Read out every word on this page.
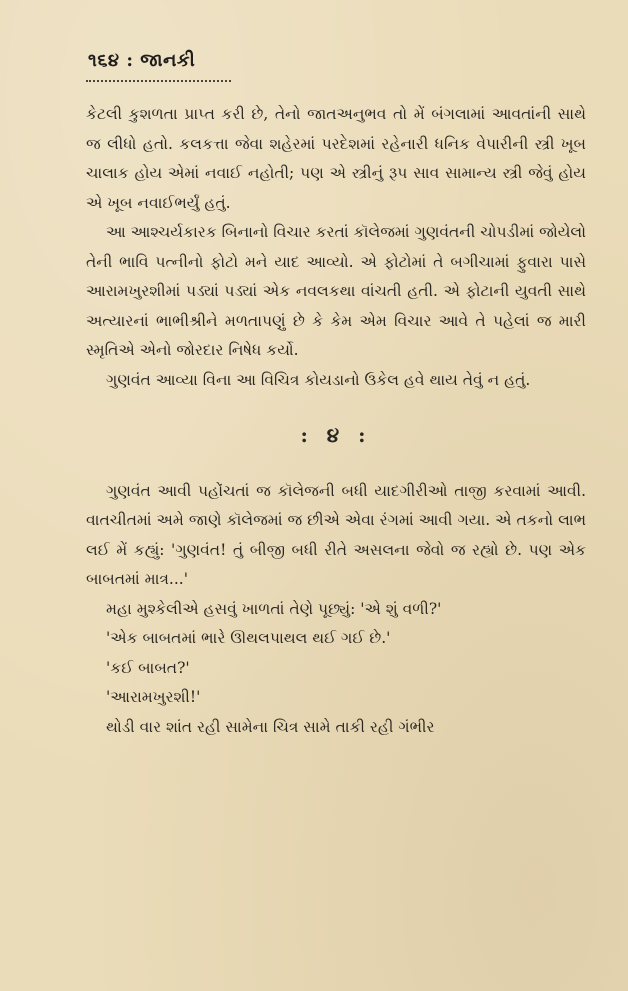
૧૬૪ : જાનકી

કેટલી કુશળતા પ્રાપ્ત કરી છે, તેનો જાતઅનુભવ તો મેં બંગલામાં આવતાંની સાથે જ લીધો હતો. કલકત્તા જેવા શહેરમાં પરદેશમાં રહેનારી ધનિક વેપારીની સ્ત્રી ખૂબ ચાલાક હોય એમાં નવાઈ નહોતી; પણ એ સ્ત્રીનું રૂપ સાવ સામાન્ય સ્ત્રી જેવું હોય એ ખૂબ નવાઈભર્યું હતું.

આ આશ્ચર્યકારક બિનાનો વિચાર કરતાં કૉલેજમાં ગુણવંતની ચોપડીમાં જોયેલો તેની ભાવિ પત્નીનો ફોટો મને યાદ આવ્યો. એ ફોટોમાં તે બગીચામાં ફુવારા પાસે આરામખુરશીમાં પડ્યાં પડ્યાં એક નવલકથા વાંચતી હતી. એ ફોટાની યુવતી સાથે અત્યારનાં ભાભીશ્રીને મળતાપણું છે કે કેમ એમ વિચાર આવે તે પહેલાં જ મારી સ્મૃતિએ એનો જોરદાર નિષેધ કર્યો.

ગુણવંત આવ્યા વિના આ વિચિત્ર કોયડાનો ઉકેલ હવે થાય તેવું ન હતું.

: ૪ :

ગુણવંત આવી પહોંચતાં જ કૉલેજની બધી યાદગીરીઓ તાજી કરવામાં આવી. વાતચીતમાં અમે જાણે કૉલેજમાં જ છીએ એવા રંગમાં આવી ગયા. એ તકનો લાભ લઈ મેં કહ્યું: 'ગુણવંત! તું બીજી બધી રીતે અસલના જેવો જ રહ્યો છે. પણ એક બાબતમાં માત્ર...'

મહા મુશ્કેલીએ હસવું ખાળતાં તેણે પૂછ્યું: 'એ શું વળી?'

'એક બાબતમાં ભારે ઊથલપાથલ થઈ ગઈ છે.'

'કઈ બાબત?'

'આરામખુરશી!'

થોડી વાર શાંત રહી સામેના ચિત્ર સામે તાકી રહી ગંભીર
